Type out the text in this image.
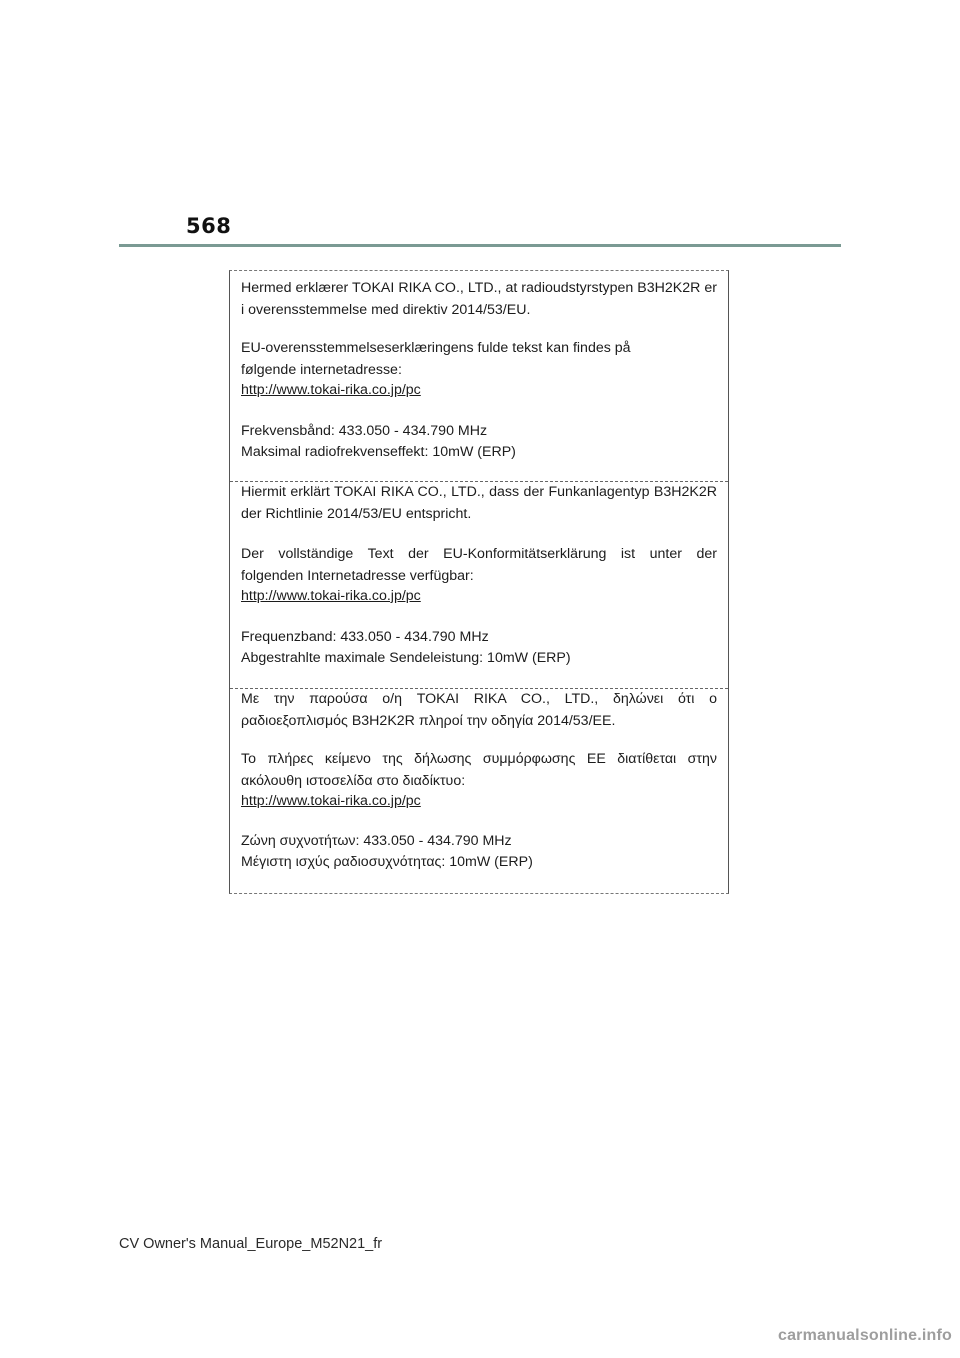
568
Hermed erklærer TOKAI RIKA CO., LTD., at radioudstyrstypen B3H2K2R er i overensstemmelse med direktiv 2014/53/EU.
EU-overensstemmelseserklæringens fulde tekst kan findes på
følgende internetadresse:
http://www.tokai-rika.co.jp/pc
Frekvensbånd: 433.050 - 434.790 MHz
Maksimal radiofrekvenseffekt: 10mW (ERP)
Hiermit erklärt TOKAI RIKA CO., LTD., dass der Funkanlagentyp B3H2K2R der Richtlinie 2014/53/EU entspricht.
Der vollständige Text der EU-Konformitätserklärung ist unter der
folgenden Internetadresse verfügbar:
http://www.tokai-rika.co.jp/pc
Frequenzband: 433.050 - 434.790 MHz
Abgestrahlte maximale Sendeleistung: 10mW (ERP)
Με την παρούσα ο/η TOKAI RIKA CO., LTD., δηλώνει ότι ο ραδιοεξοπλισμός B3H2K2R πληροί την οδηγία 2014/53/ΕΕ.
Το πλήρες κείμενο της δήλωσης συμμόρφωσης ΕΕ διατίθεται στην
ακόλουθη ιστοσελίδα στο διαδίκτυο:
http://www.tokai-rika.co.jp/pc
Ζώνη συχνοτήτων: 433.050 - 434.790 MHz
Μέγιστη ισχύς ραδιοσυχνότητας: 10mW (ERP)
CV Owner's Manual_Europe_M52N21_fr
carmanualsonline.info
